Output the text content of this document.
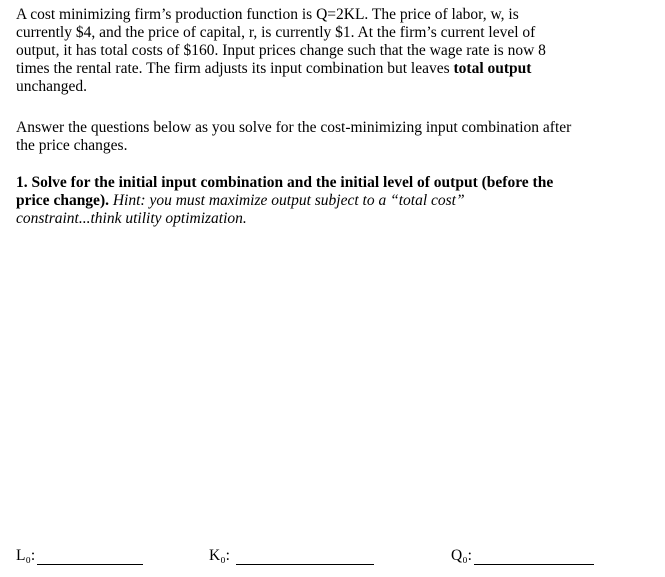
A cost minimizing firm’s production function is Q=2KL. The price of labor, w, is
currently $4, and the price of capital, r, is currently $1. At the firm’s current level of
output, it has total costs of $160. Input prices change such that the wage rate is now 8
times the rental rate. The firm adjusts its input combination but leaves total output
unchanged.

Answer the questions below as you solve for the cost-minimizing input combination after
the price changes.

1. Solve for the initial input combination and the initial level of output (before the
price change). Hint: you must maximize output subject to a “total cost”
constraint...think utility optimization.

L₀:	K₀:	Q₀:
